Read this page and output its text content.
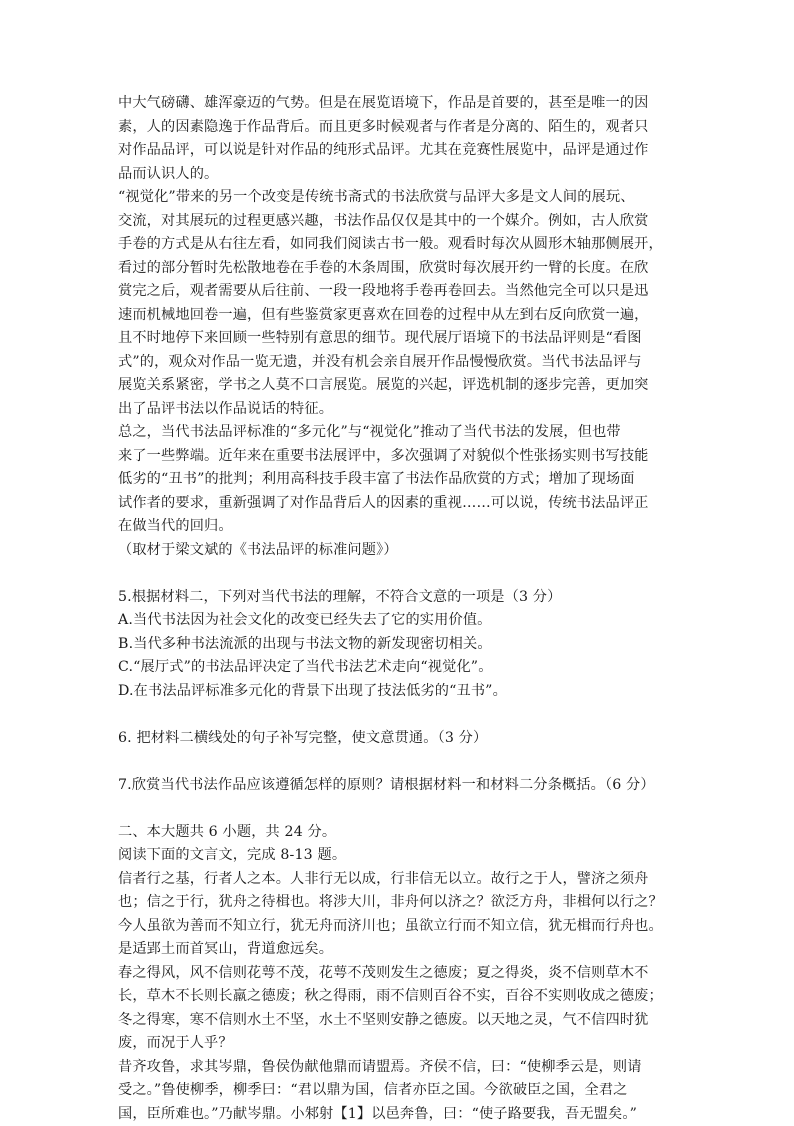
中大气磅礴、雄浑豪迈的气势。但是在展览语境下，作品是首要的，甚至是唯一的因
素，人的因素隐逸于作品背后。而且更多时候观者与作者是分离的、陌生的，观者只
对作品品评，可以说是针对作品的纯形式品评。尤其在竞赛性展览中，品评是通过作
品而认识人的。
“视觉化”带来的另一个改变是传统书斋式的书法欣赏与品评大多是文人间的展玩、
交流，对其展玩的过程更感兴趣，书法作品仅仅是其中的一个媒介。例如，古人欣赏
手卷的方式是从右往左看，如同我们阅读古书一般。观看时每次从圆形木轴那侧展开，
看过的部分暂时先松散地卷在手卷的木条周围，欣赏时每次展开约一臂的长度。在欣
赏完之后，观者需要从后往前、一段一段地将手卷再卷回去。当然他完全可以只是迅
速而机械地回卷一遍，但有些鉴赏家更喜欢在回卷的过程中从左到右反向欣赏一遍，
且不时地停下来回顾一些特别有意思的细节。现代展厅语境下的书法品评则是“看图
式”的，观众对作品一览无遗，并没有机会亲自展开作品慢慢欣赏。当代书法品评与
展览关系紧密，学书之人莫不口言展览。展览的兴起，评选机制的逐步完善，更加突
出了品评书法以作品说话的特征。
总之，当代书法品评标准的“多元化”与“视觉化”推动了当代书法的发展，但也带
来了一些弊端。近年来在重要书法展评中，多次强调了对貌似个性张扬实则书写技能
低劣的“丑书”的批判；利用高科技手段丰富了书法作品欣赏的方式；增加了现场面
试作者的要求，重新强调了对作品背后人的因素的重视……可以说，传统书法品评正
在做当代的回归。
（取材于梁文斌的《书法品评的标准问题》）
5.根据材料二，下列对当代书法的理解，不符合文意的一项是（3 分）
A.当代书法因为社会文化的改变已经失去了它的实用价值。
B.当代多种书法流派的出现与书法文物的新发现密切相关。
C.“展厅式”的书法品评决定了当代书法艺术走向“视觉化”。
D.在书法品评标准多元化的背景下出现了技法低劣的“丑书”。
6. 把材料二横线处的句子补写完整，使文意贯通。（3 分）
7.欣赏当代书法作品应该遵循怎样的原则？请根据材料一和材料二分条概括。（6 分）
二、本大题共 6 小题，共 24 分。
阅读下面的文言文，完成 8-13 题。
信者行之基，行者人之本。人非行无以成，行非信无以立。故行之于人，譬济之须舟
也；信之于行，犹舟之待楫也。将涉大川，非舟何以济之？欲泛方舟，非楫何以行之？
今人虽欲为善而不知立行，犹无舟而济川也；虽欲立行而不知立信，犹无楫而行舟也。
是适郢土而首冥山，背道愈远矣。
春之得风，风不信则花萼不茂，花萼不茂则发生之德废；夏之得炎，炎不信则草木不
长，草木不长则长羸之德废；秋之得雨，雨不信则百谷不实，百谷不实则收成之德废；
冬之得寒，寒不信则水土不坚，水土不坚则安静之德废。以天地之灵，气不信四时犹
废，而况于人乎？
昔齐攻鲁，求其岑鼎，鲁侯伪献他鼎而请盟焉。齐侯不信，曰：“使柳季云是，则请
受之。”鲁使柳季，柳季曰：“君以鼎为国，信者亦臣之国。今欲破臣之国，全君之
国，臣所难也。”乃献岑鼎。小邾射【1】以邑奔鲁，曰：“使子路要我，吾无盟矣。”
